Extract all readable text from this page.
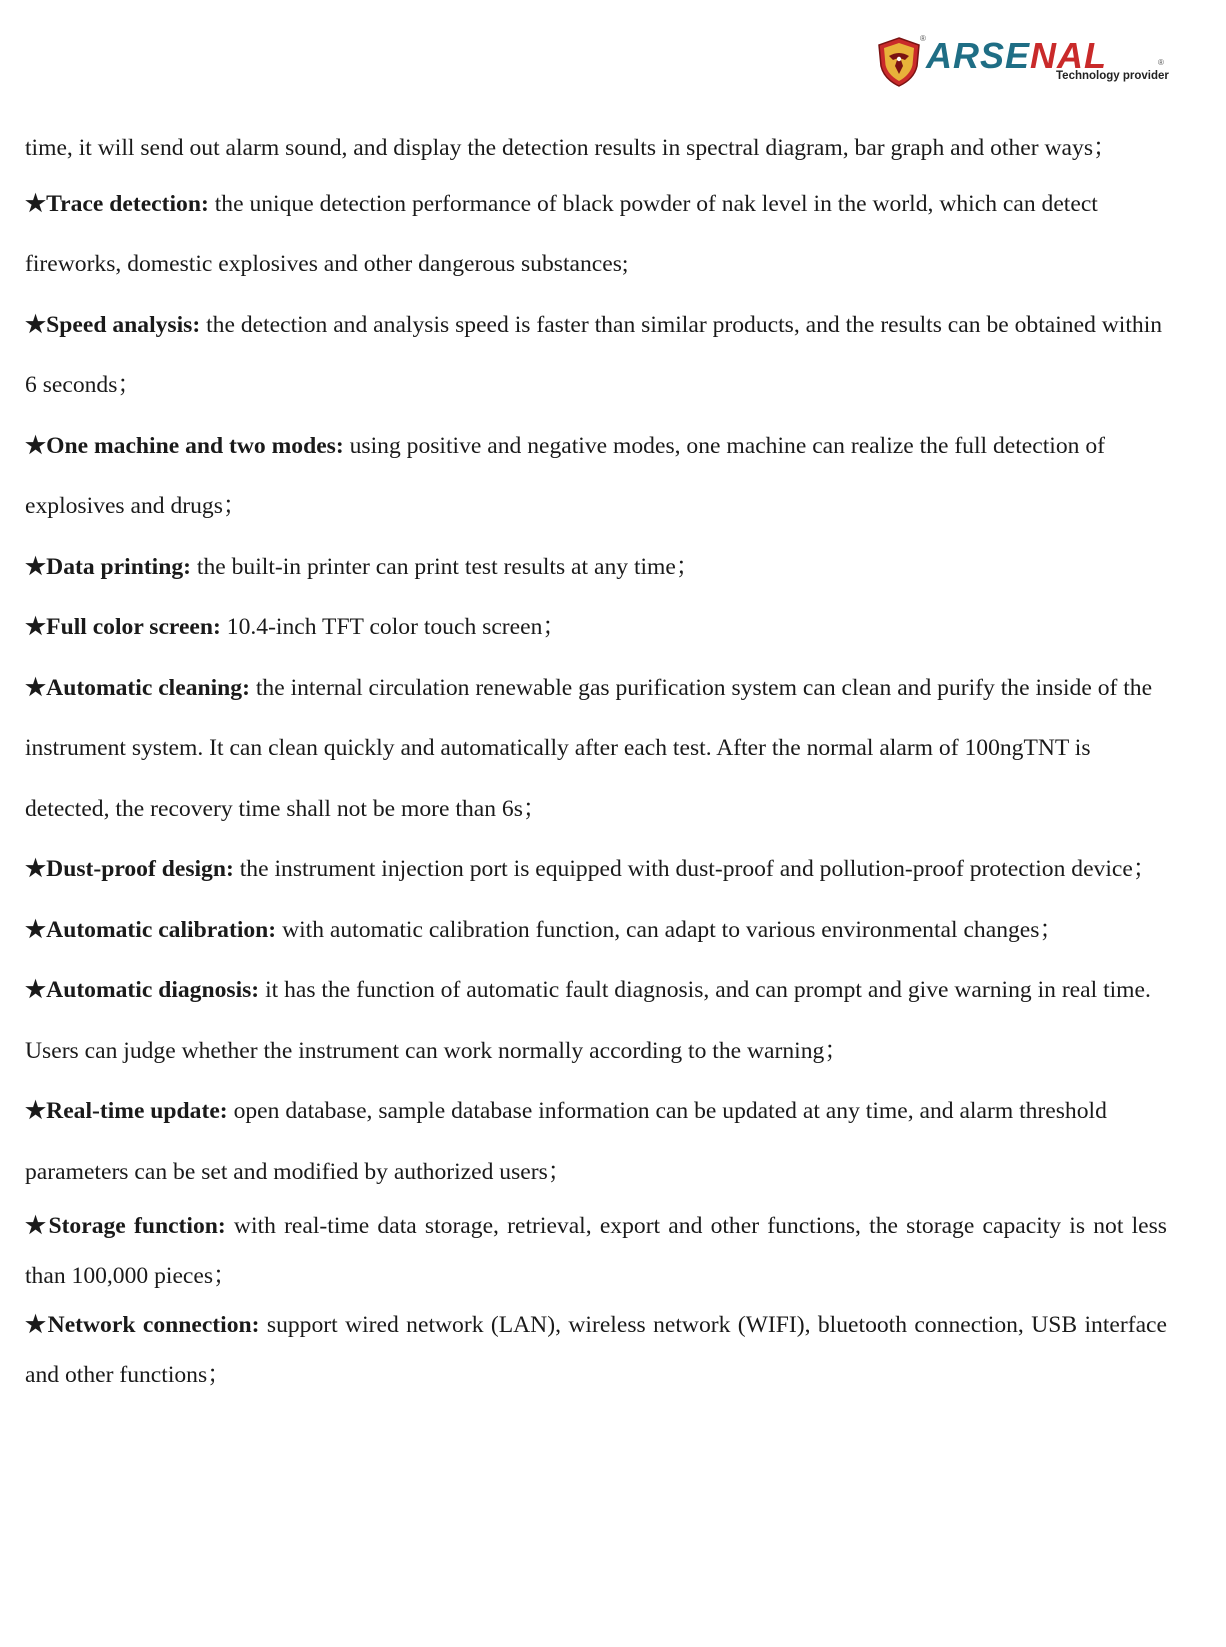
® ARSENAL	®
Technology provider

time, it will send out alarm sound, and display the detection results in spectral diagram, bar graph and other ways；

★Trace detection: the unique detection performance of black powder of nak level in the world, which can detect fireworks, domestic explosives and other dangerous substances;

★Speed analysis: the detection and analysis speed is faster than similar products, and the results can be obtained within 6 seconds；

★One machine and two modes: using positive and negative modes, one machine can realize the full detection of explosives and drugs；

★Data printing: the built-in printer can print test results at any time；

★Full color screen: 10.4-inch TFT color touch screen；

★Automatic cleaning: the internal circulation renewable gas purification system can clean and purify the inside of the instrument system. It can clean quickly and automatically after each test. After the normal alarm of 100ngTNT is detected, the recovery time shall not be more than 6s；

★Dust-proof design: the instrument injection port is equipped with dust-proof and pollution-proof protection device；

★Automatic calibration: with automatic calibration function, can adapt to various environmental changes；

★Automatic diagnosis: it has the function of automatic fault diagnosis, and can prompt and give warning in real time. Users can judge whether the instrument can work normally according to the warning；

★Real-time update: open database, sample database information can be updated at any time, and alarm threshold parameters can be set and modified by authorized users；

★Storage function: with real-time data storage, retrieval, export and other functions, the storage capacity is not less than 100,000 pieces；

★Network connection: support wired network (LAN), wireless network (WIFI), bluetooth connection, USB interface and other functions；
